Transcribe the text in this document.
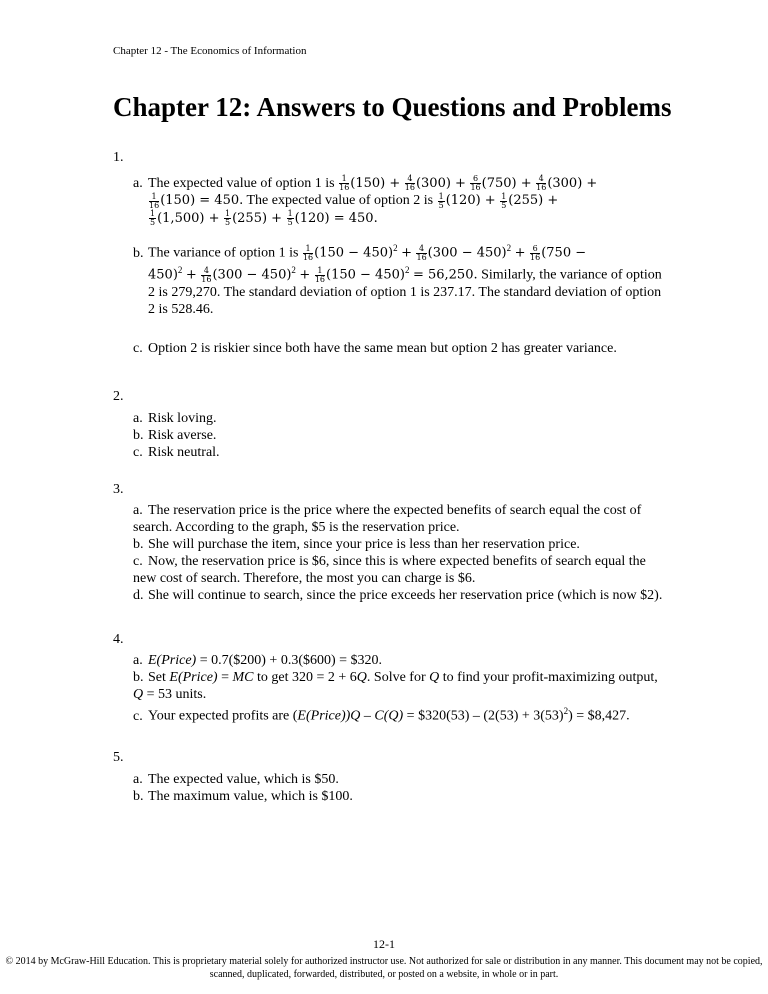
Chapter 12 - The Economics of Information
Chapter 12: Answers to Questions and Problems
1.
a. The expected value of option 1 is $\frac{1}{16} (150) + \frac{4}{16} (300) + \frac{6}{16} (750) + \frac{4}{16} (300)$ +
$\frac{1}{16} (150) = 450$. The expected value of option 2 is $\frac{1}{5} (120) + \frac{1}{5} (255)$ +
$\frac{1}{5} (1,500) + \frac{1}{5} (255) + \frac{1}{5} (120) = 450$.
b. The variance of option 1 is $\frac{1}{16} (150 - 450)^2 + \frac{4}{16} (300 - 450)^2 + \frac{6}{16} (750$ −
$450)^2 + \frac{4}{16} (300 - 450)^2 + \frac{1}{16} (150 - 450)^2 = 56,250$. Similarly, the variance of option 2 is 279,270. The standard deviation of option 1 is 237.17. The standard deviation of option 2 is 528.46.
c. Option 2 is riskier since both have the same mean but option 2 has greater variance.
2.
a. Risk loving.
b. Risk averse.
c. Risk neutral.
3.
a. The reservation price is the price where the expected benefits of search equal the cost of search. According to the graph, $5 is the reservation price.
b. She will purchase the item, since your price is less than her reservation price.
c. Now, the reservation price is $6, since this is where expected benefits of search equal the new cost of search. Therefore, the most you can charge is $6.
d. She will continue to search, since the price exceeds her reservation price (which is now $2).
4.
a. E(Price) = 0.7($200) + 0.3($600) = $320.
b. Set E(Price) = MC to get 320 = 2 + 6Q. Solve for Q to find your profit-maximizing output, Q = 53 units.
c. Your expected profits are (E(Price))Q – C(Q) = $320(53) – $(2(53) + 3(53)^2)$ = $8,427.
5.
a. The expected value, which is $50.
b. The maximum value, which is $100.
12-1
© 2014 by McGraw-Hill Education. This is proprietary material solely for authorized instructor use. Not authorized for sale or distribution in any manner. This document may not be copied, scanned, duplicated, forwarded, distributed, or posted on a website, in whole or in part.
